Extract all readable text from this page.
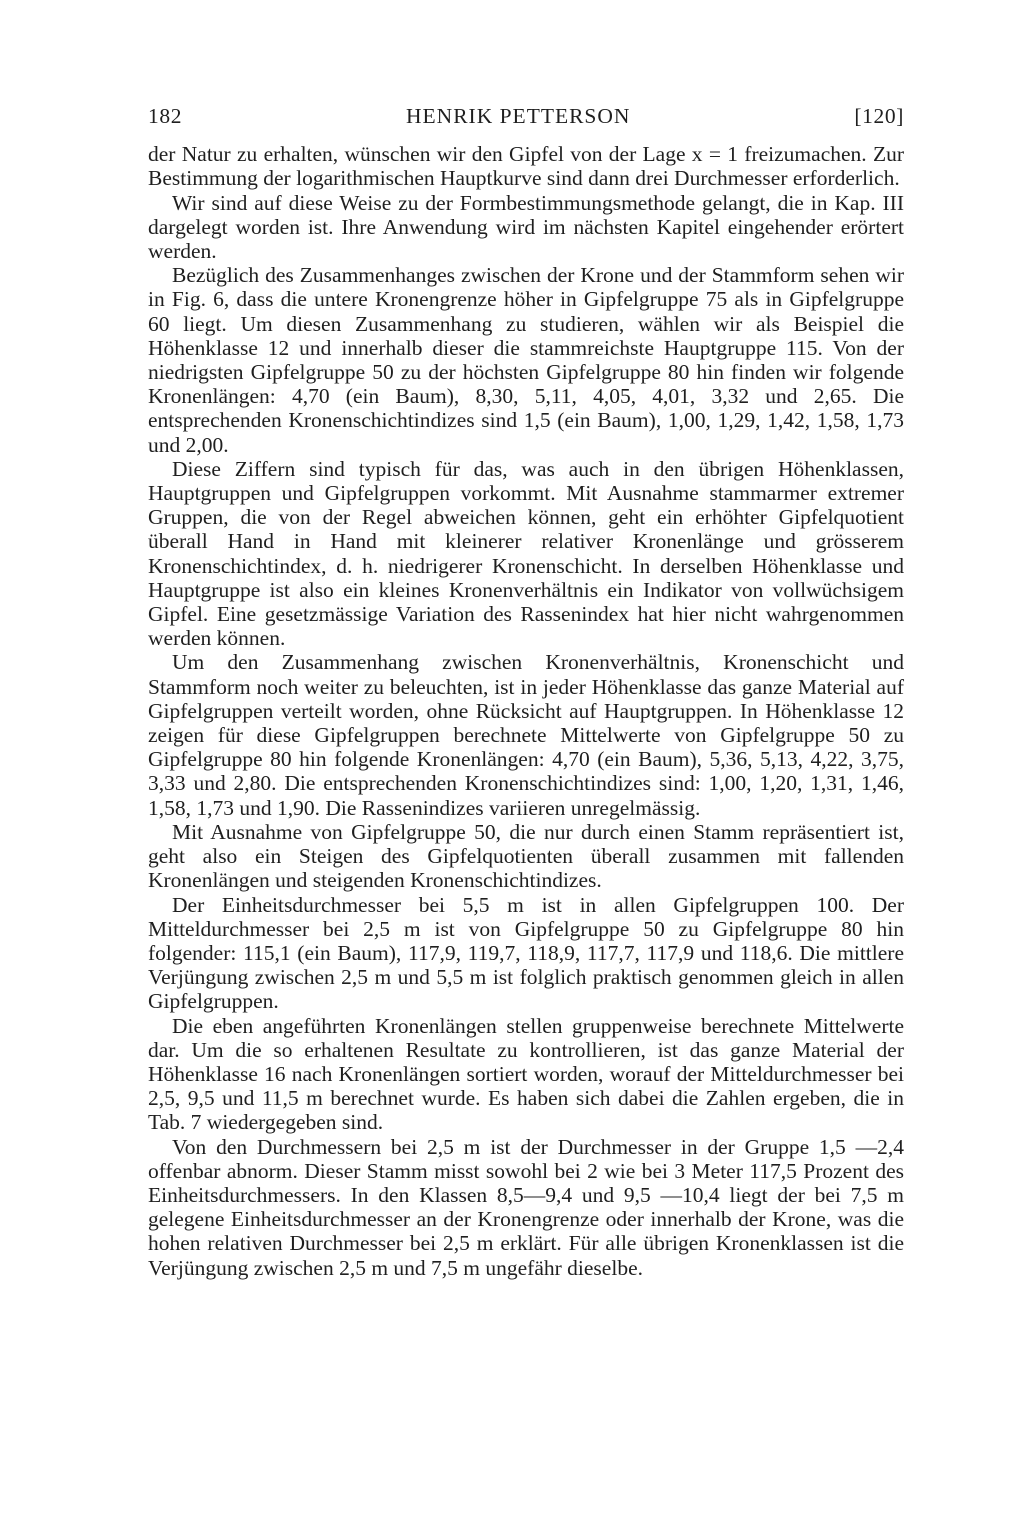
182	HENRIK PETTERSON	[120]

der Natur zu erhalten, wünschen wir den Gipfel von der Lage x = 1 freizumachen. Zur Bestimmung der logarithmischen Hauptkurve sind dann drei Durchmesser erforderlich.

Wir sind auf diese Weise zu der Formbestimmungsmethode gelangt, die in Kap. III dargelegt worden ist. Ihre Anwendung wird im nächsten Kapitel eingehender erörtert werden.

Bezüglich des Zusammenhanges zwischen der Krone und der Stammform sehen wir in Fig. 6, dass die untere Kronengrenze höher in Gipfelgruppe 75 als in Gipfelgruppe 60 liegt. Um diesen Zusammenhang zu studieren, wählen wir als Beispiel die Höhenklasse 12 und innerhalb dieser die stammreichste Hauptgruppe 115. Von der niedrigsten Gipfelgruppe 50 zu der höchsten Gipfelgruppe 80 hin finden wir folgende Kronenlängen: 4,70 (ein Baum), 8,30, 5,11, 4,05, 4,01, 3,32 und 2,65. Die entsprechenden Kronenschichtindizes sind 1,5 (ein Baum), 1,00, 1,29, 1,42, 1,58, 1,73 und 2,00.

Diese Ziffern sind typisch für das, was auch in den übrigen Höhenklassen, Hauptgruppen und Gipfelgruppen vorkommt. Mit Ausnahme stammarmer extremer Gruppen, die von der Regel abweichen können, geht ein erhöhter Gipfelquotient überall Hand in Hand mit kleinerer relativer Kronenlänge und grösserem Kronenschichtindex, d. h. niedrigerer Kronenschicht. In derselben Höhenklasse und Hauptgruppe ist also ein kleines Kronenverhältnis ein Indikator von vollwüchsigem Gipfel. Eine gesetzmässige Variation des Rassenindex hat hier nicht wahrgenommen werden können.

Um den Zusammenhang zwischen Kronenverhältnis, Kronenschicht und Stammform noch weiter zu beleuchten, ist in jeder Höhenklasse das ganze Material auf Gipfelgruppen verteilt worden, ohne Rücksicht auf Hauptgruppen. In Höhenklasse 12 zeigen für diese Gipfelgruppen berechnete Mittelwerte von Gipfelgruppe 50 zu Gipfelgruppe 80 hin folgende Kronenlängen: 4,70 (ein Baum), 5,36, 5,13, 4,22, 3,75, 3,33 und 2,80. Die entsprechenden Kronenschichtindizes sind: 1,00, 1,20, 1,31, 1,46, 1,58, 1,73 und 1,90. Die Rassenindizes variieren unregelmässig.

Mit Ausnahme von Gipfelgruppe 50, die nur durch einen Stamm repräsentiert ist, geht also ein Steigen des Gipfelquotienten überall zusammen mit fallenden Kronenlängen und steigenden Kronenschichtindizes.

Der Einheitsdurchmesser bei 5,5 m ist in allen Gipfelgruppen 100. Der Mitteldurchmesser bei 2,5 m ist von Gipfelgruppe 50 zu Gipfelgruppe 80 hin folgender: 115,1 (ein Baum), 117,9, 119,7, 118,9, 117,7, 117,9 und 118,6. Die mittlere Verjüngung zwischen 2,5 m und 5,5 m ist folglich praktisch genommen gleich in allen Gipfelgruppen.

Die eben angeführten Kronenlängen stellen gruppenweise berechnete Mittelwerte dar. Um die so erhaltenen Resultate zu kontrollieren, ist das ganze Material der Höhenklasse 16 nach Kronenlängen sortiert worden, worauf der Mitteldurchmesser bei 2,5, 9,5 und 11,5 m berechnet wurde. Es haben sich dabei die Zahlen ergeben, die in Tab. 7 wiedergegeben sind.

Von den Durchmessern bei 2,5 m ist der Durchmesser in der Gruppe 1,5 —2,4 offenbar abnorm. Dieser Stamm misst sowohl bei 2 wie bei 3 Meter 117,5 Prozent des Einheitsdurchmessers. In den Klassen 8,5—9,4 und 9,5 —10,4 liegt der bei 7,5 m gelegene Einheitsdurchmesser an der Kronengrenze oder innerhalb der Krone, was die hohen relativen Durchmesser bei 2,5 m erklärt. Für alle übrigen Kronenklassen ist die Verjüngung zwischen 2,5 m und 7,5 m ungefähr dieselbe.
